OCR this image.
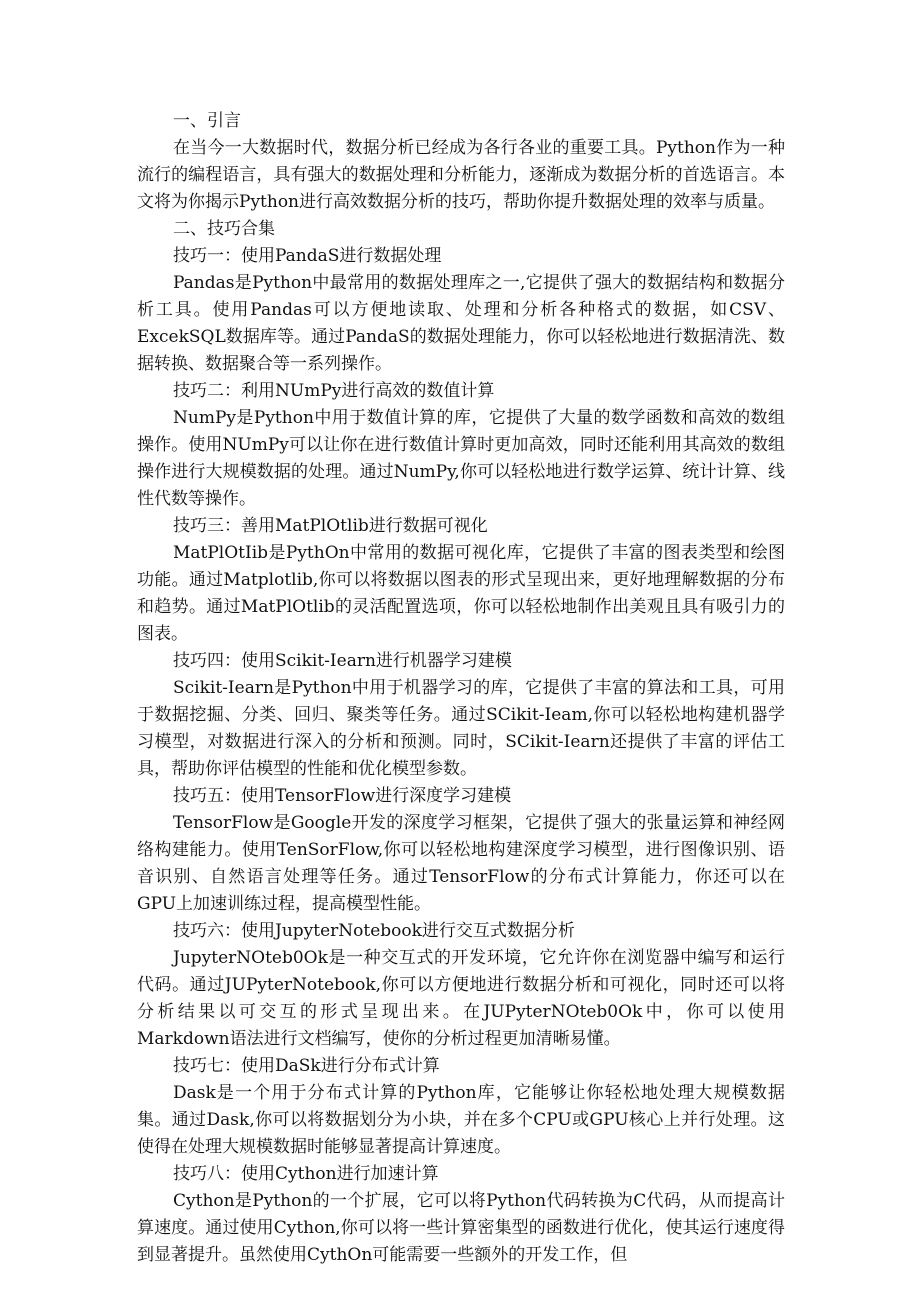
一、引言

在当今一大数据时代，数据分析已经成为各行各业的重要工具。Python作为一种流行的编程语言，具有强大的数据处理和分析能力，逐渐成为数据分析的首选语言。本文将为你揭示Python进行高效数据分析的技巧，帮助你提升数据处理的效率与质量。

二、技巧合集

技巧一：使用PandaS进行数据处理

Pandas是Python中最常用的数据处理库之一,它提供了强大的数据结构和数据分析工具。使用Pandas可以方便地读取、处理和分析各种格式的数据，如CSV、ExcekSQL数据库等。通过PandaS的数据处理能力，你可以轻松地进行数据清洗、数据转换、数据聚合等一系列操作。

技巧二：利用NUmPy进行高效的数值计算

NumPy是Python中用于数值计算的库，它提供了大量的数学函数和高效的数组操作。使用NUmPy可以让你在进行数值计算时更加高效，同时还能利用其高效的数组操作进行大规模数据的处理。通过NumPy,你可以轻松地进行数学运算、统计计算、线性代数等操作。

技巧三：善用MatPlOtlib进行数据可视化

MatPlOtIib是PythOn中常用的数据可视化库，它提供了丰富的图表类型和绘图功能。通过Matplotlib,你可以将数据以图表的形式呈现出来，更好地理解数据的分布和趋势。通过MatPlOtlib的灵活配置选项，你可以轻松地制作出美观且具有吸引力的图表。

技巧四：使用Scikit-Iearn进行机器学习建模

Scikit-Iearn是Python中用于机器学习的库，它提供了丰富的算法和工具，可用于数据挖掘、分类、回归、聚类等任务。通过SCikit-Ieam,你可以轻松地构建机器学习模型，对数据进行深入的分析和预测。同时，SCikit-Iearn还提供了丰富的评估工具，帮助你评估模型的性能和优化模型参数。

技巧五：使用TensorFlow进行深度学习建模

TensorFlow是Google开发的深度学习框架，它提供了强大的张量运算和神经网络构建能力。使用TenSorFlow,你可以轻松地构建深度学习模型，进行图像识别、语音识别、自然语言处理等任务。通过TensorFlow的分布式计算能力，你还可以在GPU上加速训练过程，提高模型性能。

技巧六：使用JupyterNotebook进行交互式数据分析

JupyterNOteb0Ok是一种交互式的开发环境，它允许你在浏览器中编写和运行代码。通过JUPyterNotebook,你可以方便地进行数据分析和可视化，同时还可以将分析结果以可交互的形式呈现出来。在JUPyterNOteb0Ok中，你可以使用Markdown语法进行文档编写，使你的分析过程更加清晰易懂。

技巧七：使用DaSk进行分布式计算

Dask是一个用于分布式计算的Python库，它能够让你轻松地处理大规模数据集。通过Dask,你可以将数据划分为小块，并在多个CPU或GPU核心上并行处理。这使得在处理大规模数据时能够显著提高计算速度。

技巧八：使用Cython进行加速计算

Cython是Python的一个扩展，它可以将Python代码转换为C代码，从而提高计算速度。通过使用Cython,你可以将一些计算密集型的函数进行优化，使其运行速度得到显著提升。虽然使用CythOn可能需要一些额外的开发工作，但
